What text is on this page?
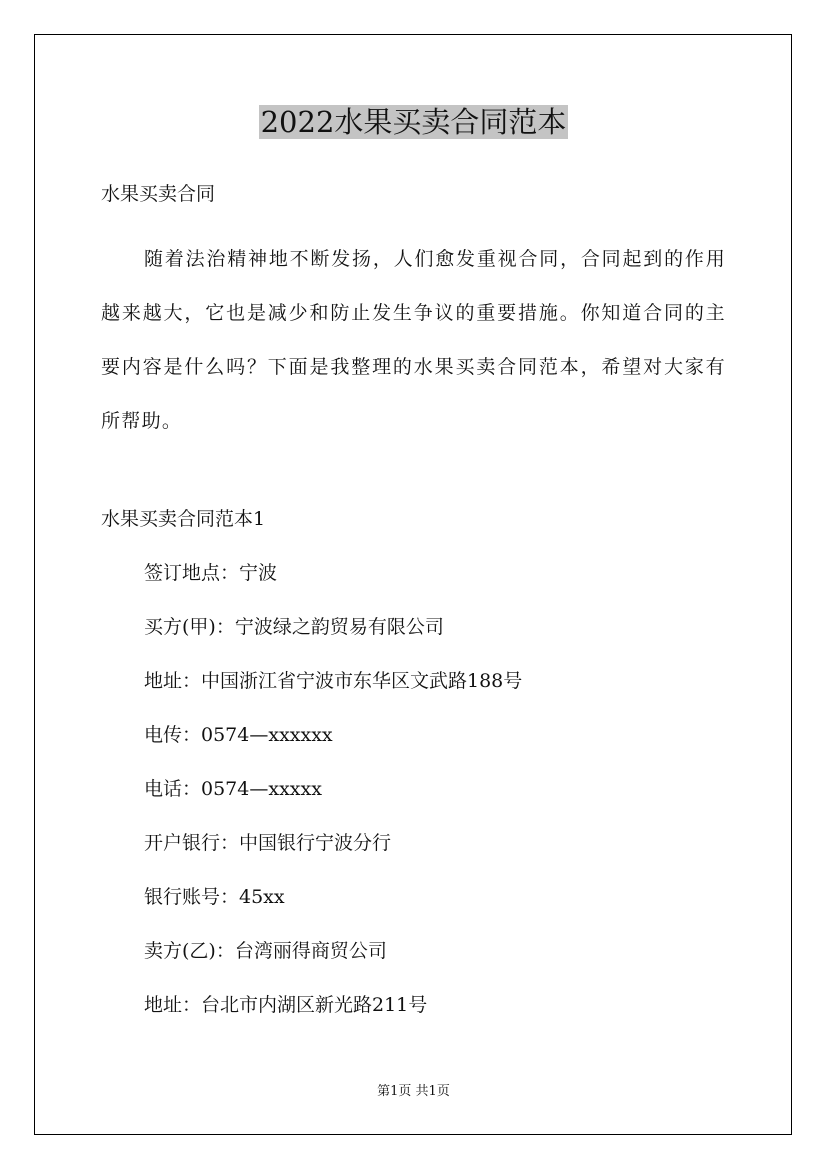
2022水果买卖合同范本
水果买卖合同
随着法治精神地不断发扬，人们愈发重视合同，合同起到的作用越来越大，它也是减少和防止发生争议的重要措施。你知道合同的主要内容是什么吗？下面是我整理的水果买卖合同范本，希望对大家有所帮助。
水果买卖合同范本1
签订地点：宁波
买方(甲)：宁波绿之韵贸易有限公司
地址：中国浙江省宁波市东华区文武路188号
电传：0574—xxxxxx
电话：0574—xxxxx
开户银行：中国银行宁波分行
银行账号：45xx
卖方(乙)：台湾丽得商贸公司
地址：台北市内湖区新光路211号
第1页 共1页
